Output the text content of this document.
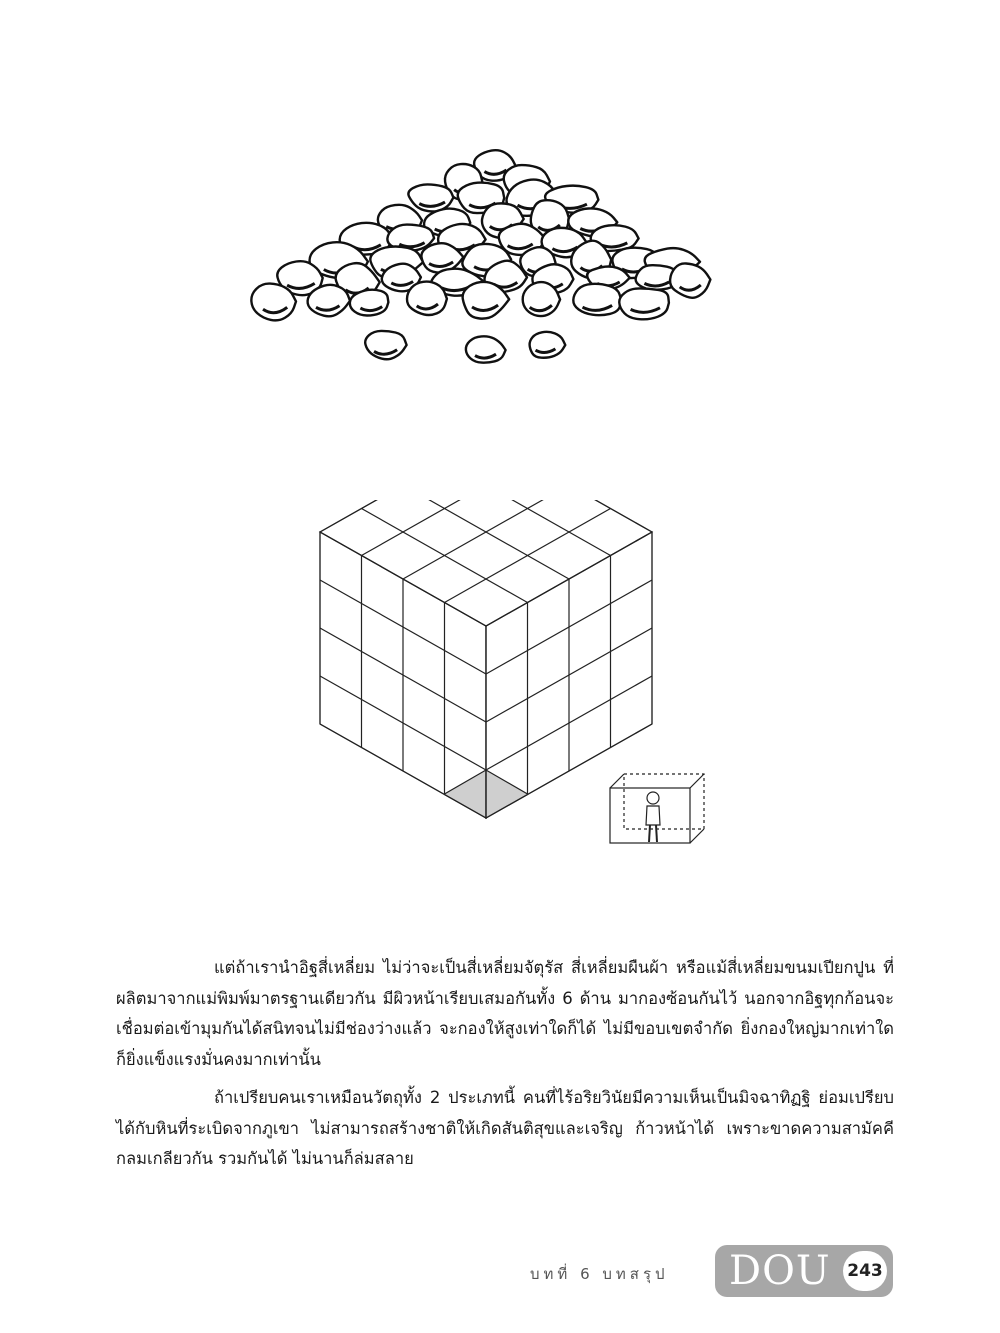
แต่ถ้าเรานำอิฐสี่เหลี่ยม ไม่ว่าจะเป็นสี่เหลี่ยมจัตุรัส สี่เหลี่ยมผืนผ้า หรือแม้สี่เหลี่ยมขนมเปียกปูน ที่ผลิตมาจากแม่พิมพ์มาตรฐานเดียวกัน มีผิวหน้าเรียบเสมอกันทั้ง 6 ด้าน มากองซ้อนกันไว้ นอกจากอิฐทุกก้อนจะเชื่อมต่อเข้ามุมกันได้สนิทจนไม่มีช่องว่างแล้ว จะกองให้สูงเท่าใดก็ได้ ไม่มีขอบเขตจำกัด ยิ่งกองใหญ่มากเท่าใดก็ยิ่งแข็งแรงมั่นคงมากเท่านั้น

ถ้าเปรียบคนเราเหมือนวัตถุทั้ง 2 ประเภทนี้ คนที่ไร้อริยวินัยมีความเห็นเป็นมิจฉาทิฏฐิ ย่อมเปรียบได้กับหินที่ระเบิดจากภูเขา ไม่สามารถสร้างชาติให้เกิดสันติสุขและเจริญ ก้าวหน้าได้ เพราะขาดความสามัคคีกลมเกลียวกัน รวมกันได้ ไม่นานก็ล่มสลาย

บทที่ 6 บทสรุป DOU 243
